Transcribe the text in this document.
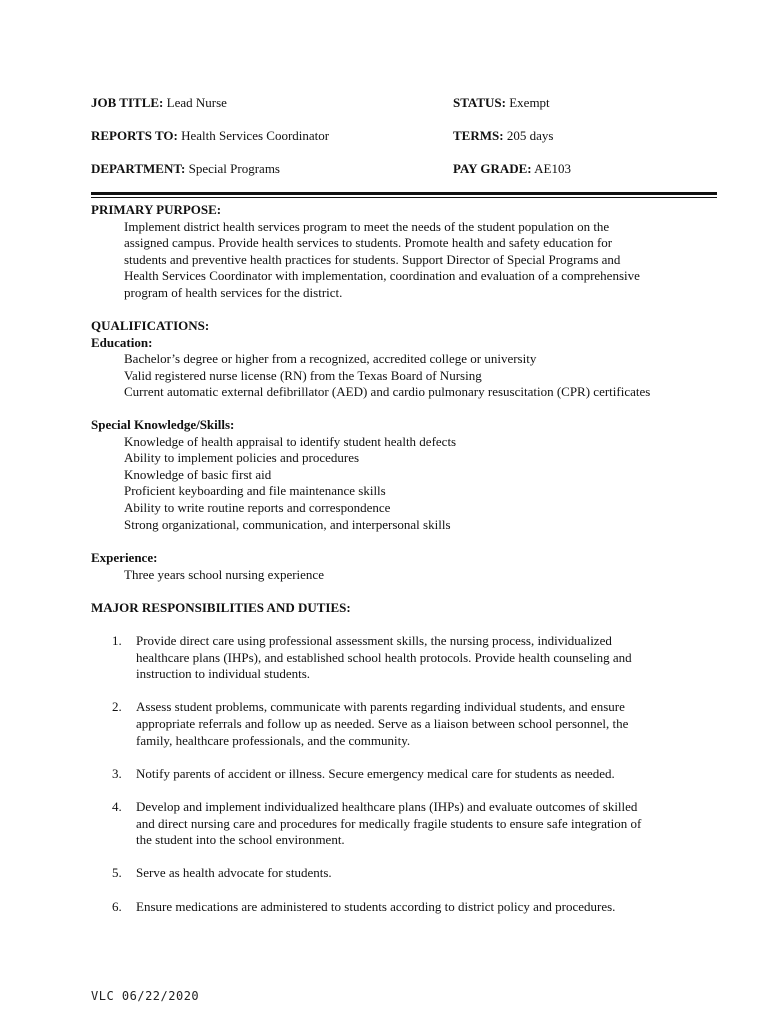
JOB TITLE: Lead Nurse	STATUS: Exempt
REPORTS TO: Health Services Coordinator	TERMS: 205 days
DEPARTMENT: Special Programs	PAY GRADE: AE103
PRIMARY PURPOSE:
Implement district health services program to meet the needs of the student population on the
assigned campus. Provide health services to students. Promote health and safety education for
students and preventive health practices for students. Support Director of Special Programs and
Health Services Coordinator with implementation, coordination and evaluation of a comprehensive
program of health services for the district.
QUALIFICATIONS:
Education:
Bachelor’s degree or higher from a recognized, accredited college or university
Valid registered nurse license (RN) from the Texas Board of Nursing
Current automatic external defibrillator (AED) and cardio pulmonary resuscitation (CPR) certificates
Special Knowledge/Skills:
Knowledge of health appraisal to identify student health defects
Ability to implement policies and procedures
Knowledge of basic first aid
Proficient keyboarding and file maintenance skills
Ability to write routine reports and correspondence
Strong organizational, communication, and interpersonal skills
Experience:
Three years school nursing experience
MAJOR RESPONSIBILITIES AND DUTIES:
1. Provide direct care using professional assessment skills, the nursing process, individualized
healthcare plans (IHPs), and established school health protocols. Provide health counseling and
instruction to individual students.
2. Assess student problems, communicate with parents regarding individual students, and ensure
appropriate referrals and follow up as needed. Serve as a liaison between school personnel, the
family, healthcare professionals, and the community.
3. Notify parents of accident or illness. Secure emergency medical care for students as needed.
4. Develop and implement individualized healthcare plans (IHPs) and evaluate outcomes of skilled
and direct nursing care and procedures for medically fragile students to ensure safe integration of
the student into the school environment.
5. Serve as health advocate for students.
6. Ensure medications are administered to students according to district policy and procedures.
VLC 06/22/2020
